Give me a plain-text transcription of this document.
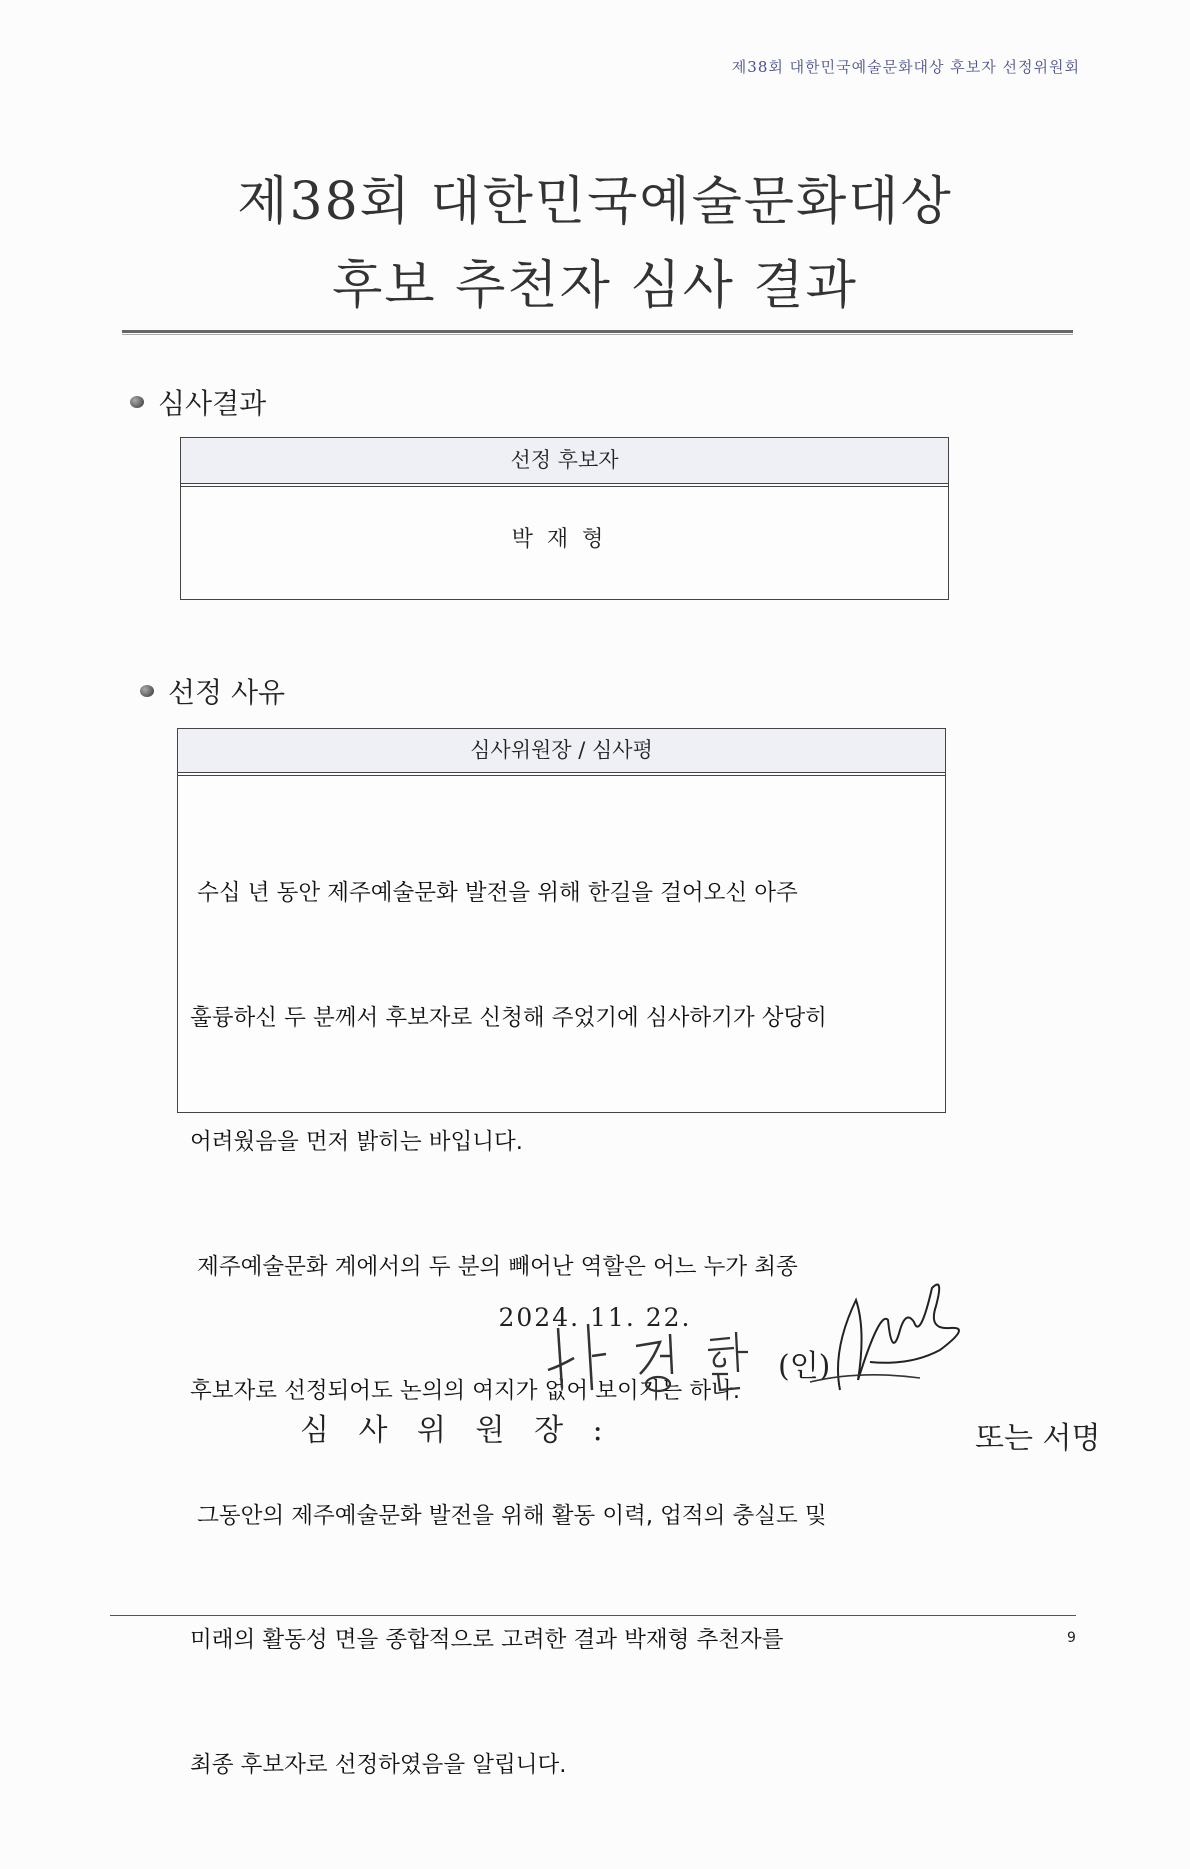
제38회 대한민국예술문화대상 후보자 선정위원회
제38회 대한민국예술문화대상
후보 추천자 심사 결과
심사결과
선정 후보자
박재형
선정 사유
심사위원장 / 심사평

수십 년 동안 제주예술문화 발전을 위해 한길을 걸어오신 아주

훌륭하신 두 분께서 후보자로 신청해 주었기에 심사하기가 상당히

어려웠음을 먼저 밝히는 바입니다.

제주예술문화 계에서의 두 분의 빼어난 역할은 어느 누가 최종

후보자로 선정되어도 논의의 여지가 없어 보이기는 하나.

그동안의 제주예술문화 발전을 위해 활동 이력, 업적의 충실도 및

미래의 활동성 면을 종합적으로 고려한 결과 박재형 추천자를

최종 후보자로 선정하였음을 알립니다.

2024. 11. 22.
심 사 위 원 장 :
(인)
또는 서명
9
